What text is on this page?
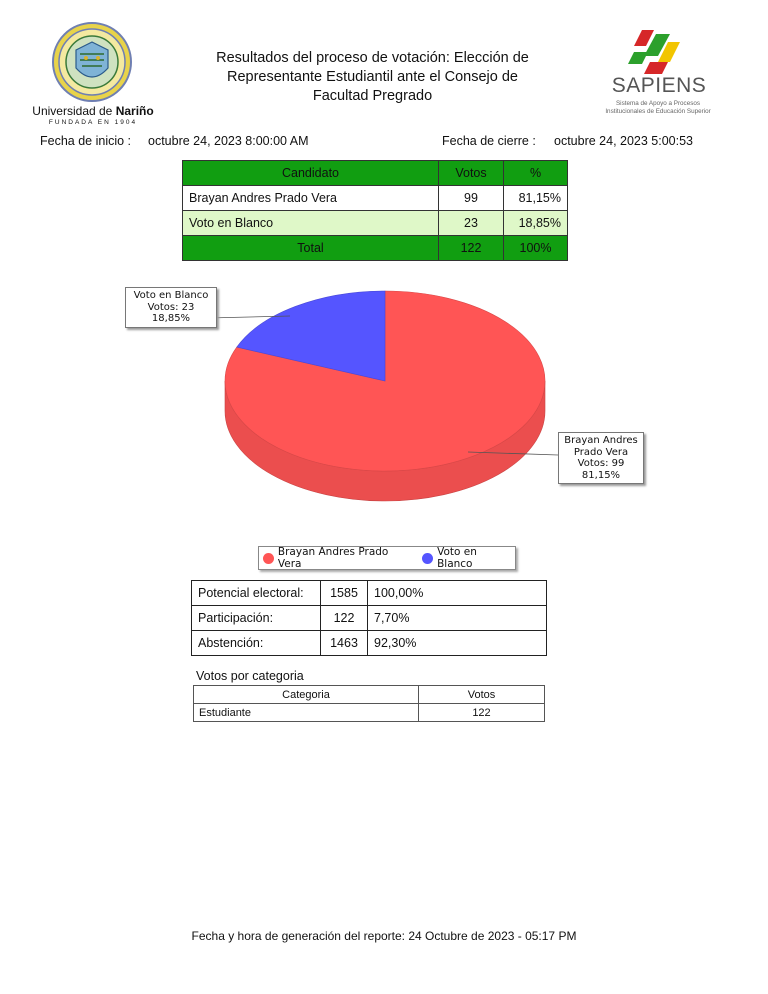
Universidad de Nariño
FUNDADA EN 1904
Resultados del proceso de votación: Elección de
Representante Estudiantil ante el Consejo de
Facultad Pregrado	SAPIENS
Sistema de Apoyo a Procesos
Institucionales de Educación Superior
Fecha de inicio : octubre 24, 2023 8:00:00 AM	Fecha de cierre : octubre 24, 2023 5:00:53
Candidato	Votos	%
Brayan Andres Prado Vera	99	81,15%
Voto en Blanco	23	18,85%
Total	122	100%
Voto en Blanco
Votos: 23
18,85%
Brayan Andres
Prado Vera
Votos: 99
81,15%
Brayan Andres Prado Vera
Voto en Blanco
Potencial electoral:	1585	100,00%
Participación:	122	7,70%
Abstención:	1463	92,30%
Votos por categoria
Categoria	Votos
Estudiante	122
Fecha y hora de generación del reporte: 24 Octubre de 2023 - 05:17 PM
